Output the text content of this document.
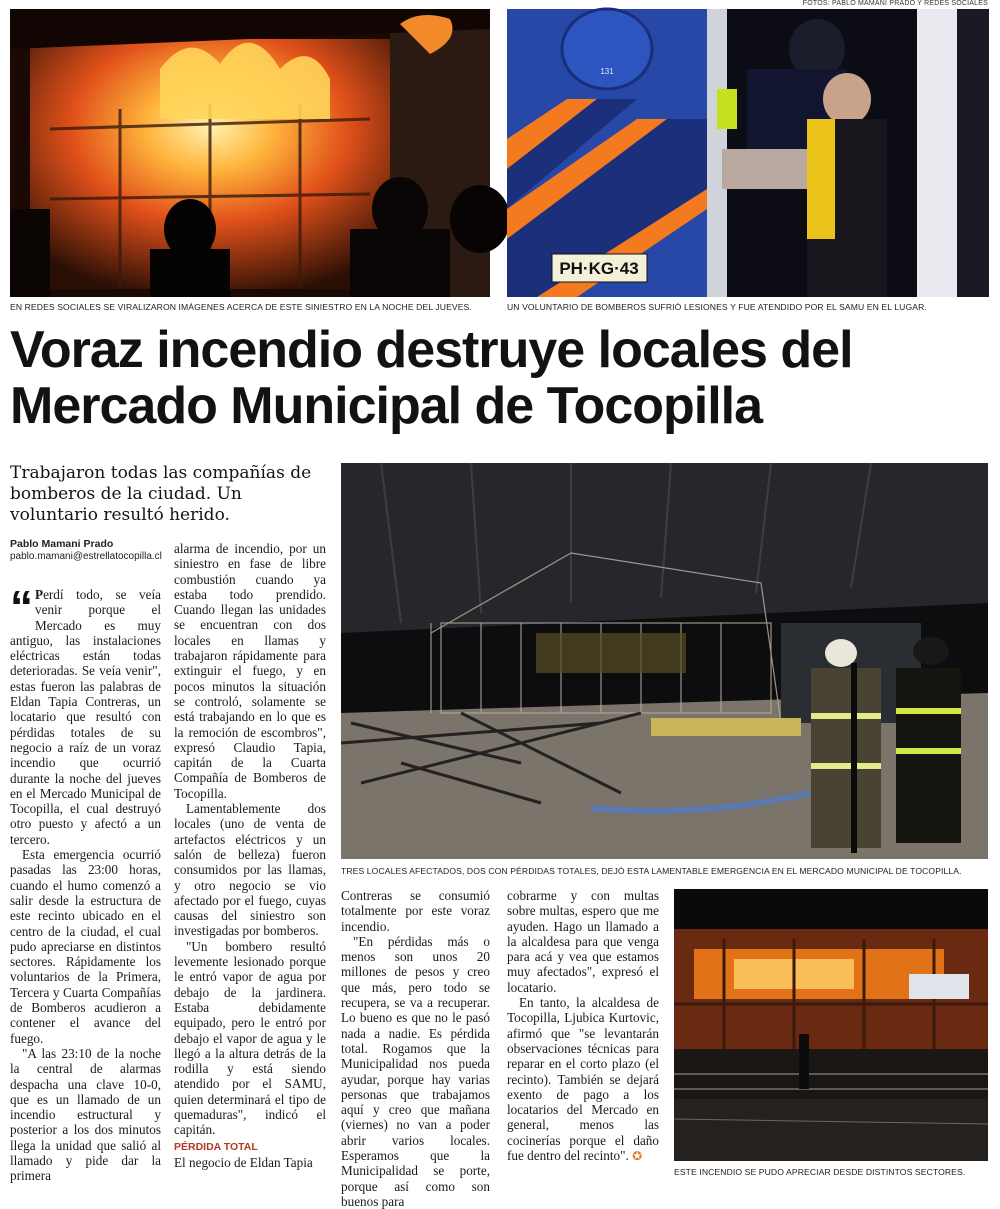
FOTOS: PABLO MAMANI PRADO Y REDES SOCIALES
131
PH·KG·43
EN REDES SOCIALES SE VIRALIZARON IMÁGENES ACERCA DE ESTE SINIESTRO EN LA NOCHE DEL JUEVES.	UN VOLUNTARIO DE BOMBEROS SUFRIÓ LESIONES Y FUE ATENDIDO POR EL SAMU EN EL LUGAR.
Voraz incendio destruye locales del
Mercado Municipal de Tocopilla
Trabajaron todas las compañías de
bomberos de la ciudad. Un
voluntario resultó herido.
Pablo Mamani Prado
pablo.mamani@estrellatocopilla.cl
TRES LOCALES AFECTADOS, DOS CON PÉRDIDAS TOTALES, DEJÓ ESTA LAMENTABLE EMERGENCIA EN EL MERCADO MUNICIPAL DE TOCOPILLA.
ESTE INCENDIO SE PUDO APRECIAR DESDE DISTINTOS SECTORES.

“ Perdí todo, se veía venir porque el Mercado es muy antiguo, las instalaciones eléctricas están todas deterioradas. Se veía venir", estas fueron las palabras de Eldan Tapia Contreras, un locatario que resultó con pérdidas totales de su negocio a raíz de un voraz incendio que ocurrió durante la noche del jueves en el Mercado Municipal de Tocopilla, el cual destruyó otro puesto y afectó a un tercero.

Esta emergencia ocurrió pasadas las 23:00 horas, cuando el humo comenzó a salir desde la estructura de este recinto ubicado en el centro de la ciudad, el cual pudo apreciarse en distintos sectores. Rápidamente los voluntarios de la Primera, Tercera y Cuarta Compañías de Bomberos acudieron a contener el avance del fuego.

"A las 23:10 de la noche la central de alarmas despacha una clave 10-0, que es un llamado de un incendio estructural y posterior a los dos minutos llega la unidad que salió al llamado y pide dar la primera

alarma de incendio, por un siniestro en fase de libre combustión cuando ya estaba todo prendido. Cuando llegan las unidades se encuentran con dos locales en llamas y trabajaron rápidamente para extinguir el fuego, y en pocos minutos la situación se controló, solamente se está trabajando en lo que es la remoción de escombros", expresó Claudio Tapia, capitán de la Cuarta Compañía de Bomberos de Tocopilla.

Lamentablemente dos locales (uno de venta de artefactos eléctricos y un salón de belleza) fueron consumidos por las llamas, y otro negocio se vio afectado por el fuego, cuyas causas del siniestro son investigadas por bomberos.

"Un bombero resultó levemente lesionado porque le entró vapor de agua por debajo de la jardinera. Estaba debidamente equipado, pero le entró por debajo el vapor de agua y le llegó a la altura detrás de la rodilla y está siendo atendido por el SAMU, quien determinará el tipo de quemaduras", indicó el capitán.

PÉRDIDA TOTAL

El negocio de Eldan Tapia

Contreras se consumió totalmente por este voraz incendio.

"En pérdidas más o menos son unos 20 millones de pesos y creo que más, pero todo se recupera, se va a recuperar. Lo bueno es que no le pasó nada a nadie. Es pérdida total. Rogamos que la Municipalidad nos pueda ayudar, porque hay varias personas que trabajamos aquí y creo que mañana (viernes) no van a poder abrir varios locales. Esperamos que la Municipalidad se porte, porque así como son buenos para

cobrarme y con multas sobre multas, espero que me ayuden. Hago un llamado a la alcaldesa para que venga para acá y vea que estamos muy afectados", expresó el locatario.

En tanto, la alcaldesa de Tocopilla, Ljubica Kurtovic, afirmó que "se levantarán observaciones técnicas para reparar en el corto plazo (el recinto). También se dejará exento de pago a los locatarios del Mercado en general, menos las cocinerías porque el daño fue dentro del recinto". ✪
